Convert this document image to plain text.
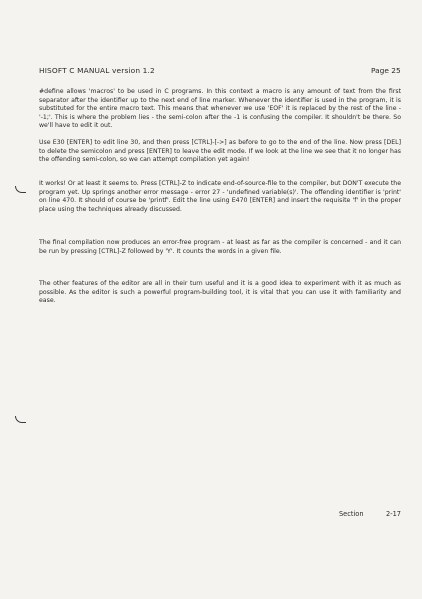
HISOFT C MANUAL version 1.2	Page 25

#define allows 'macros' to be used in C programs. In this context a macro is any amount of text from the first separator after the identifier up to the next end of line marker. Whenever the identifier is used in the program, it is substituted for the entire macro text. This means that whenever we use 'EOF' it is replaced by the rest of the line - '-1;'. This is where the problem lies - the semi-colon after the -1 is confusing the compiler. It shouldn't be there. So we'll have to edit it out.

Use E30 [ENTER] to edit line 30, and then press [CTRL]-[->] as before to go to the end of the line. Now press [DEL] to delete the semicolon and press [ENTER] to leave the edit mode. If we look at the line we see that it no longer has the offending semi-colon, so we can attempt compilation yet again!

It works! Or at least it seems to. Press [CTRL]-Z to indicate end-of-source-file to the compiler, but DON'T execute the program yet. Up springs another error message - error 27 - 'undefined variable(s)'. The offending identifier is 'print' on line 470. It should of course be 'printf'. Edit the line using E470 [ENTER] and insert the requisite 'f' in the proper place using the techniques already discussed.

The final compilation now produces an error-free program - at least as far as the compiler is concerned - and it can be run by pressing [CTRL]-Z followed by 'Y'. It counts the words in a given file.

The other features of the editor are all in their turn useful and it is a good idea to experiment with it as much as possible. As the editor is such a powerful program-building tool, it is vital that you can use it with familiarity and ease.

Section	2-17
